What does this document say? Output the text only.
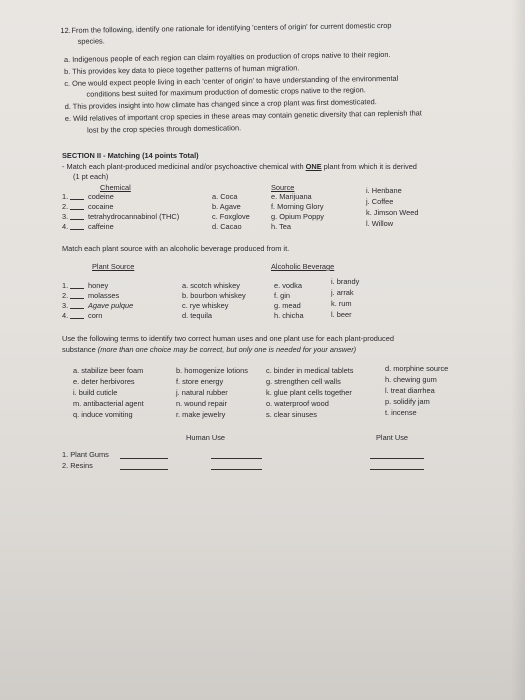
12. From the following, identify one rationale for identifying 'centers of origin' for current domestic crop
species.
a. Indigenous people of each region can claim royalties on production of crops native to their region.
b. This provides key data to piece together patterns of human migration.
c. One would expect people living in each 'center of origin' to have understanding of the environmental
conditions best suited for maximum production of domestic crops native to the region.
d. This provides insight into how climate has changed since a crop plant was first domesticated.
e. Wild relatives of important crop species in these areas may contain genetic diversity that can replenish that
lost by the crop species through domestication.
SECTION II - Matching (14 points Total)
- Match each plant-produced medicinal and/or psychoactive chemical with ONE plant from which it is derived
(1 pt each)
Chemical	Source
1.	codeine
2.	cocaine
3.	tetrahydrocannabinol (THC)
4.	caffeine
a. Coca
b. Agave
c. Foxglove
d. Cacao
e. Marijuana
f. Morning Glory
g. Opium Poppy
h. Tea
i. Henbane
j. Coffee
k. Jimson Weed
l. Willow
Match each plant source with an alcoholic beverage produced from it.
Plant Source	Alcoholic Beverage
1.	honey
2.	molasses
3.	Agave pulque
4.	corn
a. scotch whiskey
b. bourbon whiskey
c. rye whiskey
d. tequila
e. vodka
f. gin
g. mead
h. chicha
i. brandy
j. arrak
k. rum
l. beer
Use the following terms to identify two correct human uses and one plant use for each plant-produced
substance (more than one choice may be correct, but only one is needed for your answer)
a. stabilize beer foam
e. deter herbivores
i. build cuticle
m. antibacterial agent
q. induce vomiting
b. homogenize lotions
f. store energy
j. natural rubber
n. wound repair
r. make jewelry
c. binder in medical tablets
g. strengthen cell walls
k. glue plant cells together
o. waterproof wood
s. clear sinuses
d. morphine source
h. chewing gum
l. treat diarrhea
p. solidify jam
t. incense
Human Use	Plant Use
1. Plant Gums
2. Resins
